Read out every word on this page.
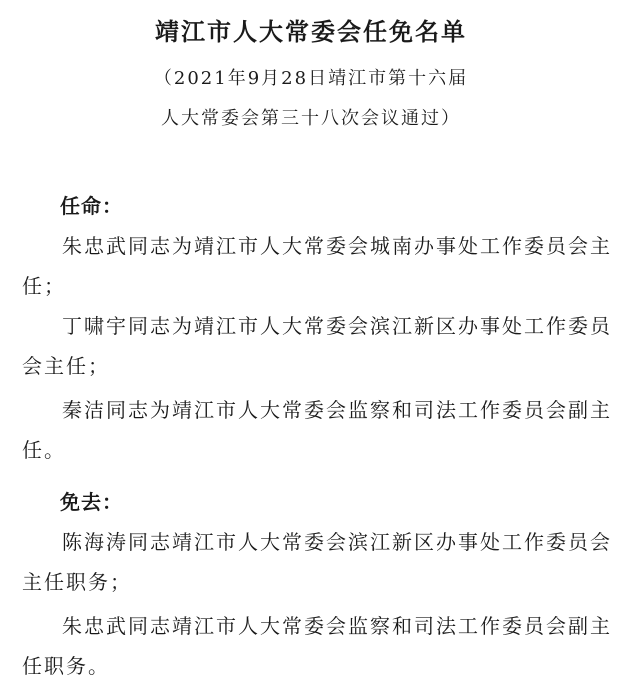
靖江市人大常委会任免名单
（2021年9月28日靖江市第十六届
人大常委会第三十八次会议通过）
任命：
朱忠武同志为靖江市人大常委会城南办事处工作委员会主任；
丁啸宇同志为靖江市人大常委会滨江新区办事处工作委员会主任；
秦洁同志为靖江市人大常委会监察和司法工作委员会副主任。
免去：
陈海涛同志靖江市人大常委会滨江新区办事处工作委员会主任职务；
朱忠武同志靖江市人大常委会监察和司法工作委员会副主任职务。
